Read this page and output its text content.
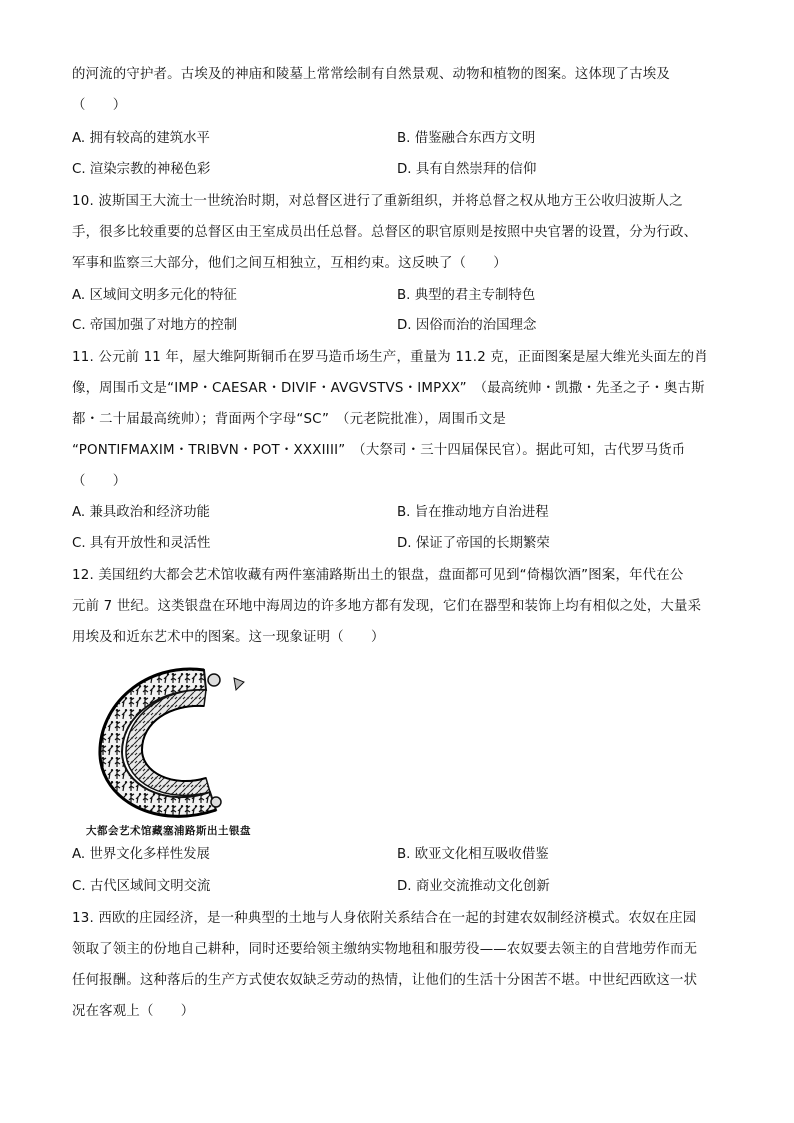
的河流的守护者。古埃及的神庙和陵墓上常常绘制有自然景观、动物和植物的图案。这体现了古埃及
（　　）
A. 拥有较高的建筑水平	B. 借鉴融合东西方文明
C. 渲染宗教的神秘色彩	D. 具有自然崇拜的信仰
10. 波斯国王大流士一世统治时期，对总督区进行了重新组织，并将总督之权从地方王公收归波斯人之
手，很多比较重要的总督区由王室成员出任总督。总督区的职官原则是按照中央官署的设置，分为行政、
军事和监察三大部分，他们之间互相独立，互相约束。这反映了（　　）
A. 区域间文明多元化的特征	B. 典型的君主专制特色
C. 帝国加强了对地方的控制	D. 因俗而治的治国理念
11. 公元前 11 年，屋大维阿斯铜币在罗马造币场生产，重量为 11.2 克，正面图案是屋大维光头面左的肖
像，周围币文是“IMP・CAESAR・DIVIF・AVGVSTVS・IMPXX”　（最高统帅・凯撒・先圣之子・奥古斯
都・二十届最高统帅）；背面两个字母“SC”　（元老院批准），周围币文是
“PONTIFMAXIM・TRIBVN・POT・XXXIIII”　（大祭司・三十四届保民官）。据此可知，古代罗马货币
（　　）
A. 兼具政治和经济功能	B. 旨在推动地方自治进程
C. 具有开放性和灵活性	D. 保证了帝国的长期繁荣
12. 美国纽约大都会艺术馆收藏有两件塞浦路斯出土的银盘，盘面都可见到“倚榻饮酒”图案，年代在公
元前 7 世纪。这类银盘在环地中海周边的许多地方都有发现，它们在器型和装饰上均有相似之处，大量采
用埃及和近东艺术中的图案。这一现象证明（　　）
大都会艺术馆藏塞浦路斯出土银盘
A. 世界文化多样性发展	B. 欧亚文化相互吸收借鉴
C. 古代区域间文明交流	D. 商业交流推动文化创新
13. 西欧的庄园经济，是一种典型的土地与人身依附关系结合在一起的封建农奴制经济模式。农奴在庄园
领取了领主的份地自己耕种，同时还要给领主缴纳实物地租和服劳役——农奴要去领主的自营地劳作而无
任何报酬。这种落后的生产方式使农奴缺乏劳动的热情，让他们的生活十分困苦不堪。中世纪西欧这一状
况在客观上（　　）
